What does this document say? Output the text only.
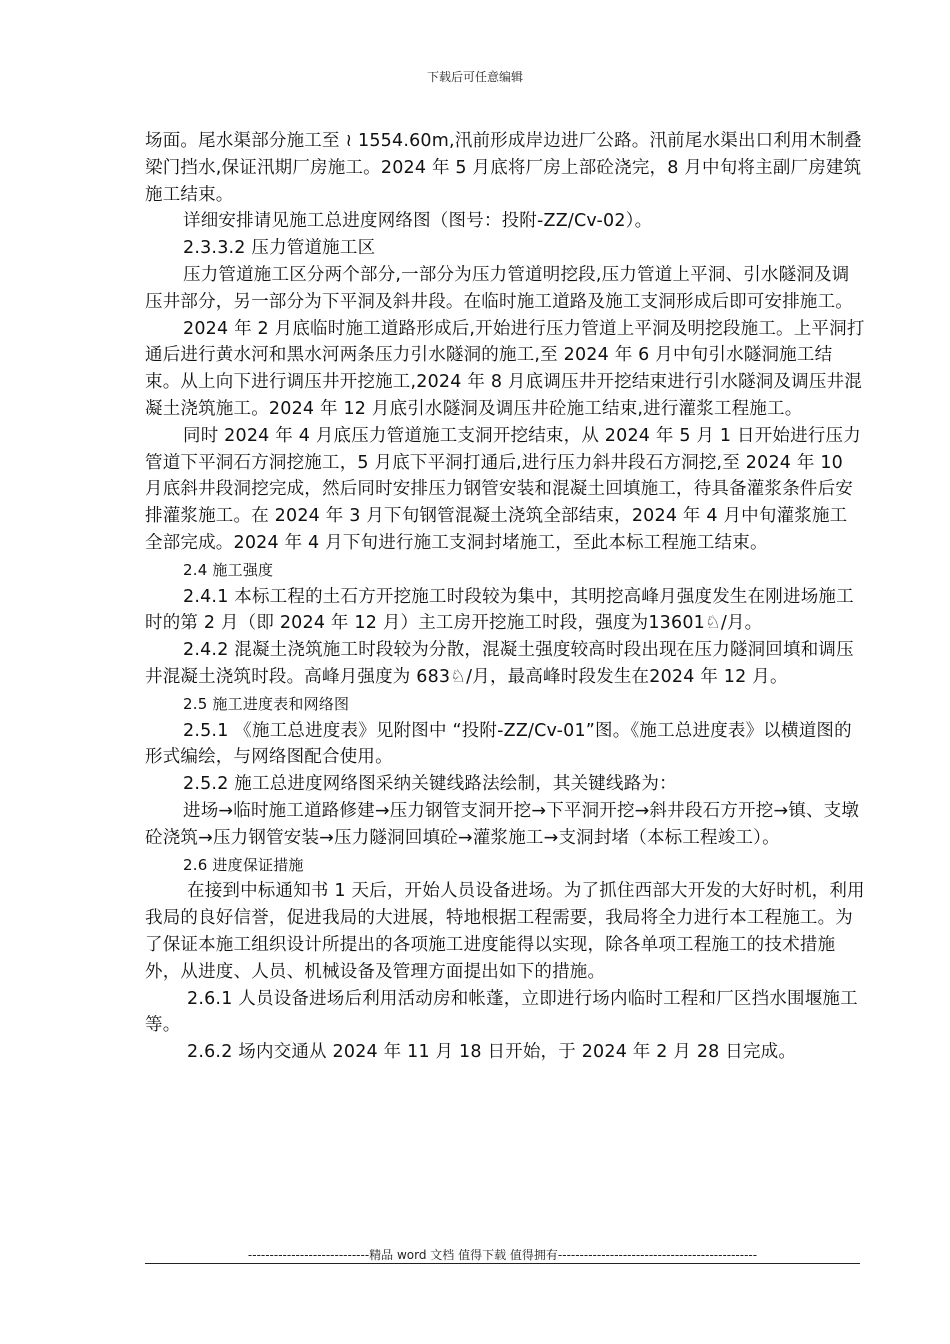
下载后可任意编辑

场面。尾水渠部分施工至 ≀ 1554.60m,汛前形成岸边进厂公路。汛前尾水渠出口利用木制叠梁门挡水,保证汛期厂房施工。2024 年 5 月底将厂房上部砼浇完，8 月中旬将主副厂房建筑施工结束。

详细安排请见施工总进度网络图（图号：投附-ZZ/Cv-02）。

2.3.3.2 压力管道施工区

压力管道施工区分两个部分,一部分为压力管道明挖段,压力管道上平洞、引水隧洞及调压井部分，另一部分为下平洞及斜井段。在临时施工道路及施工支洞形成后即可安排施工。

2024 年 2 月底临时施工道路形成后,开始进行压力管道上平洞及明挖段施工。上平洞打通后进行黄水河和黑水河两条压力引水隧洞的施工,至 2024 年 6 月中旬引水隧洞施工结束。从上向下进行调压井开挖施工,2024 年 8 月底调压井开挖结束进行引水隧洞及调压井混凝土浇筑施工。2024 年 12 月底引水隧洞及调压井砼施工结束,进行灌浆工程施工。

同时 2024 年 4 月底压力管道施工支洞开挖结束，从 2024 年 5 月 1 日开始进行压力管道下平洞石方洞挖施工，5 月底下平洞打通后,进行压力斜井段石方洞挖,至 2024 年 10 月底斜井段洞挖完成，然后同时安排压力钢管安装和混凝土回填施工，待具备灌浆条件后安排灌浆施工。在 2024 年 3 月下旬钢管混凝土浇筑全部结束，2024 年 4 月中旬灌浆施工全部完成。2024 年 4 月下旬进行施工支洞封堵施工，至此本标工程施工结束。

2.4 施工强度

2.4.1 本标工程的土石方开挖施工时段较为集中，其明挖高峰月强度发生在刚进场施工时的第 2 月（即 2024 年 12 月）主工房开挖施工时段，强度为13601♘/月。

2.4.2 混凝土浇筑施工时段较为分散，混凝土强度较高时段出现在压力隧洞回填和调压井混凝土浇筑时段。高峰月强度为 683♘/月，最高峰时段发生在2024 年 12 月。

2.5 施工进度表和网络图

2.5.1 《施工总进度表》见附图中 “投附-ZZ/Cv-01”图。《施工总进度表》以横道图的形式编绘，与网络图配合使用。

2.5.2 施工总进度网络图采纳关键线路法绘制，其关键线路为：

进场→临时施工道路修建→压力钢管支洞开挖→下平洞开挖→斜井段石方开挖→镇、支墩砼浇筑→压力钢管安装→压力隧洞回填砼→灌浆施工→支洞封堵（本标工程竣工）。

2.6 进度保证措施

在接到中标通知书 1 天后，开始人员设备进场。为了抓住西部大开发的大好时机，利用我局的良好信誉，促进我局的大进展，特地根据工程需要，我局将全力进行本工程施工。为了保证本施工组织设计所提出的各项施工进度能得以实现，除各单项工程施工的技术措施外，从进度、人员、机械设备及管理方面提出如下的措施。

2.6.1 人员设备进场后利用活动房和帐蓬，立即进行场内临时工程和厂区挡水围堰施工等。

2.6.2 场内交通从 2024 年 11 月 18 日开始，于 2024 年 2 月 28 日完成。

----------------------------精品 word 文档 值得下载 值得拥有----------------------------------------------
